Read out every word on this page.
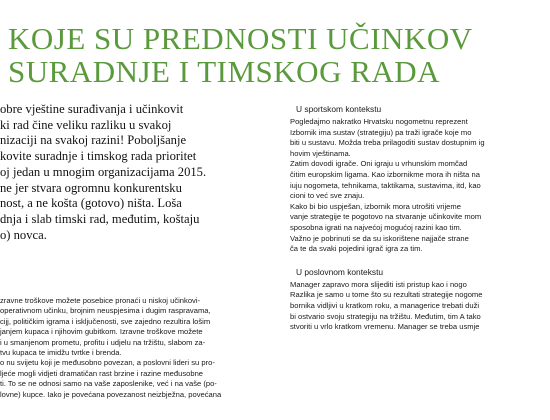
KOJE SU PREDNOSTI UČINKOV
SURADNJE I TIMSKOG RADA
obre vještine surađivanja i učinkovit
ki rad čine veliku razliku u svakoj
nizaciji na svakoj razini! Poboljšanje
kovite suradnje i timskog rada prioritet
oj jedan u mnogim organizacijama 2015.
ne jer stvara ogromnu konkurentsku
nost, a ne košta (gotovo) ništa. Loša
dnja i slab timski rad, međutim, koštaju
o) novca.
zravne troškove možete posebice pronaći u niskoj učinkovi-
operativnom učinku, brojnim neuspjesima i dugim raspravama,
cijj, političkim igrama i isključenosti, sve zajedno rezultira lošim
janjem kupaca i njihovim gubitkom. Izravne troškove možete
i u smanjenom prometu, profitu i udjelu na tržištu, slabom za-
tvu kupaca te imidžu tvrtke i brenda.
o nu svijetu koji je međusobno povezan, a poslovni lideri su pro-
ljeće mogli vidjeti dramatičan rast brzine i razine međusobne
ti. To se ne odnosi samo na vaše zaposlenike, već i na vaše (po-
lovne) kupce. Iako je povećana povezanost neizbježna, povećana
U sportskom kontekstu

Pogledajmo nakratko Hrvatsku nogometnu reprezent
Izbornik ima sustav (strategiju) pa traži igrače koje mo
biti u sustavu. Možda treba prilagoditi sustav dostupnim ig
hovim vještinama.

Zatim dovodi igrače. Oni igraju u vrhunskim momčad
čitim europskim ligama. Kao izbornikme mora ih ništa na
iuju nogometa, tehnikama, taktikama, sustavima, itd, kao
cioni to već sve znaju.

Kako bi bio uspješan, izbornik mora utrošiti vrijeme
vanje strategije te pogotovo na stvaranje učinkovite mom
sposobna igrati na najvećoj mogućoj razini kao tim.

Važno je pobrinuti se da su iskorištene najjače strane
ča te da svaki pojedini igrač igra za tim.

U poslovnom kontekstu

Manager zapravo mora slijediti isti pristup kao i nogo
Razlika je samo u tome što su rezultati strategije nogome
bornika vidljivi u kratkom roku, a managerice trebati duži
bi ostvario svoju strategiju na tržištu. Međutim, tim A tako
stvoriti u vrlo kratkom vremenu. Manager se treba usmje
